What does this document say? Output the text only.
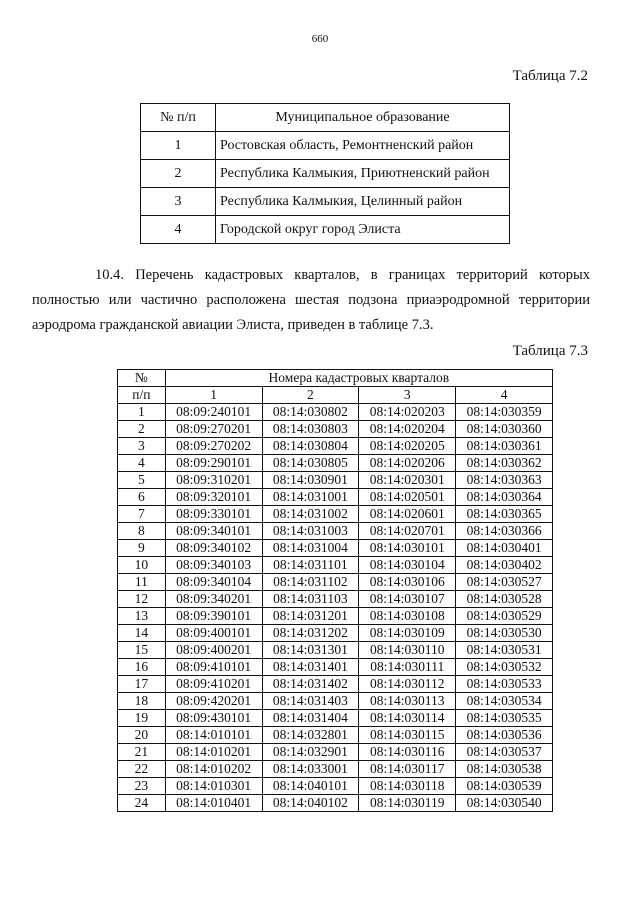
660
Таблица 7.2
№ п/п	Муниципальное образование
1	Ростовская область, Ремонтненский район
2	Республика Калмыкия, Приютненский район
3	Республика Калмыкия, Целинный район
4	Городской округ город Элиста
10.4. Перечень кадастровых кварталов, в границах территорий которых
полностью или частично расположена шестая подзона приаэродромной территории
аэродрома гражданской авиации Элиста, приведен в таблице 7.3.
Таблица 7.3
№	Номера кадастровых кварталов			
п/п	1	2	3	4
1	08:09:240101	08:14:030802	08:14:020203	08:14:030359
2	08:09:270201	08:14:030803	08:14:020204	08:14:030360
3	08:09:270202	08:14:030804	08:14:020205	08:14:030361
4	08:09:290101	08:14:030805	08:14:020206	08:14:030362
5	08:09:310201	08:14:030901	08:14:020301	08:14:030363
6	08:09:320101	08:14:031001	08:14:020501	08:14:030364
7	08:09:330101	08:14:031002	08:14:020601	08:14:030365
8	08:09:340101	08:14:031003	08:14:020701	08:14:030366
9	08:09:340102	08:14:031004	08:14:030101	08:14:030401
10	08:09:340103	08:14:031101	08:14:030104	08:14:030402
11	08:09:340104	08:14:031102	08:14:030106	08:14:030527
12	08:09:340201	08:14:031103	08:14:030107	08:14:030528
13	08:09:390101	08:14:031201	08:14:030108	08:14:030529
14	08:09:400101	08:14:031202	08:14:030109	08:14:030530
15	08:09:400201	08:14:031301	08:14:030110	08:14:030531
16	08:09:410101	08:14:031401	08:14:030111	08:14:030532
17	08:09:410201	08:14:031402	08:14:030112	08:14:030533
18	08:09:420201	08:14:031403	08:14:030113	08:14:030534
19	08:09:430101	08:14:031404	08:14:030114	08:14:030535
20	08:14:010101	08:14:032801	08:14:030115	08:14:030536
21	08:14:010201	08:14:032901	08:14:030116	08:14:030537
22	08:14:010202	08:14:033001	08:14:030117	08:14:030538
23	08:14:010301	08:14:040101	08:14:030118	08:14:030539
24	08:14:010401	08:14:040102	08:14:030119	08:14:030540
